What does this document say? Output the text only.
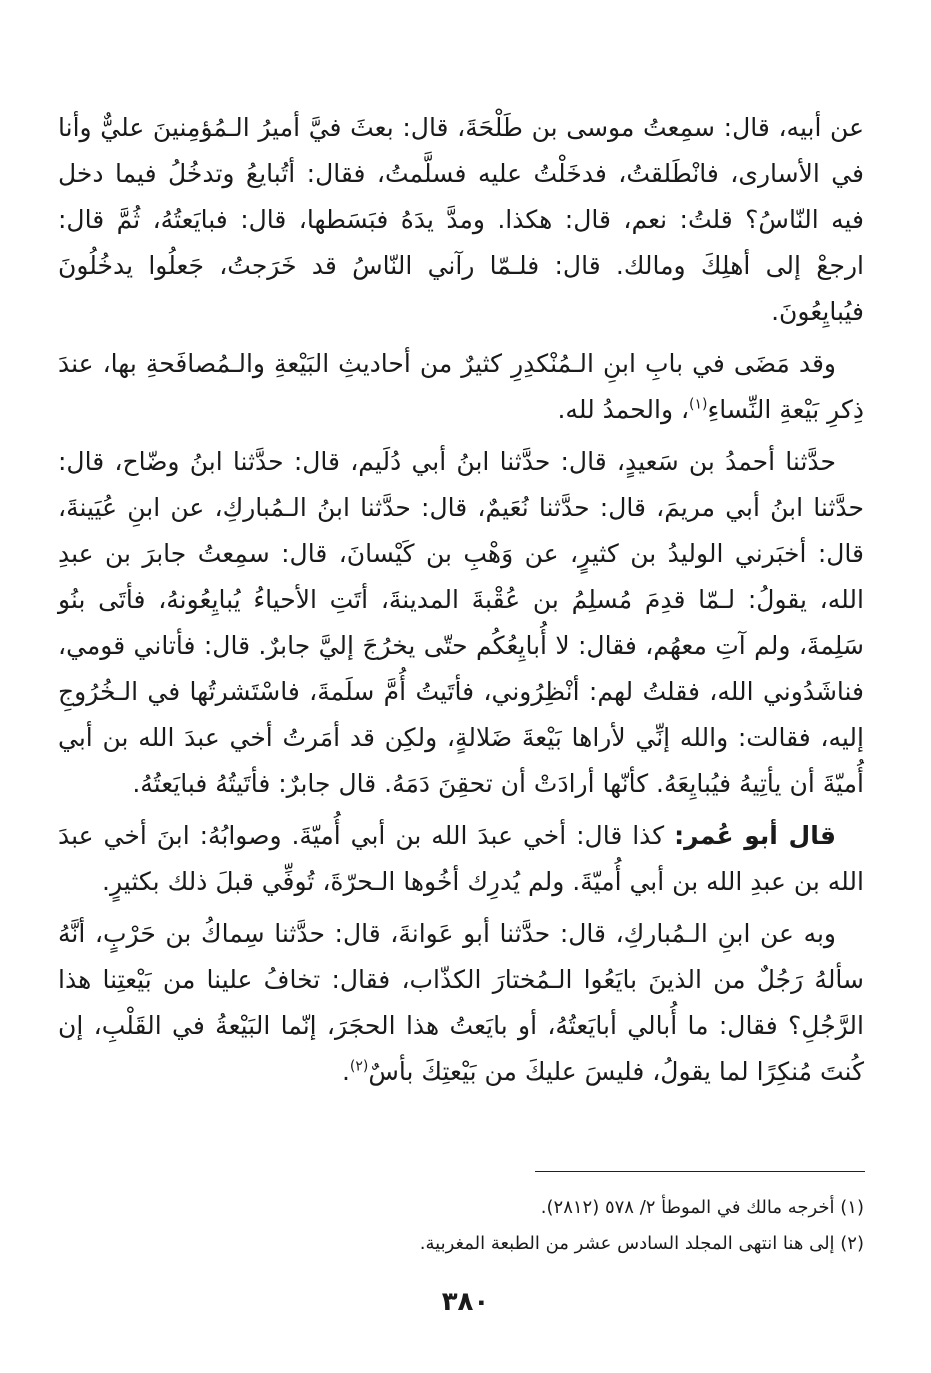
عن أبيه، قال: سمِعتُ موسى بن طَلْحَةَ، قال: بعثَ فيَّ أميرُ الـمُؤمِنينَ عليٌّ وأنا في الأسارى، فانْطَلقتُ، فدخَلْتُ عليه فسلَّمتُ، فقال: أتُبايعُ وتدخُلُ فيما دخل فيه النّاسُ؟ قلتُ: نعم، قال: هكذا. ومدَّ يدَهُ فبَسَطها، قال: فبايَعتُهُ، ثُمَّ قال: ارجعْ إلى أهلِكَ ومالك. قال: فلـمّا رآني النّاسُ قد خَرَجتُ، جَعلُوا يدخُلُونَ فيُبايِعُونَ.

وقد مَضَى في بابِ ابنِ الـمُنْكدِرِ كثيرٌ من أحاديثِ البَيْعةِ والـمُصافَحةِ بها، عندَ ذِكرِ بَيْعةِ النِّساءِ$^{(١)}$، والحمدُ لله.

حدَّثنا أحمدُ بن سَعيدٍ، قال: حدَّثنا ابنُ أبي دُلَيم، قال: حدَّثنا ابنُ وضّاح، قال: حدَّثنا ابنُ أبي مريمَ، قال: حدَّثنا نُعَيمٌ، قال: حدَّثنا ابنُ الـمُباركِ، عن ابنِ عُيَينةَ، قال: أخبَرني الوليدُ بن كثيرٍ، عن وَهْبِ بن كَيْسانَ، قال: سمِعتُ جابرَ بن عبدِ الله، يقولُ: لـمّا قدِمَ مُسلِمُ بن عُقْبةَ المدينةَ، أتَتِ الأحياءُ يُبايِعُونهُ، فأتَى بنُو سَلِمةَ، ولم آتِ معهُم، فقال: لا أُبايِعُكُم حتّى يخرُجَ إليَّ جابرٌ. قال: فأتاني قومي، فناشَدُوني الله، فقلتُ لهم: أنْظِرُوني، فأتَيتُ أُمَّ سلَمةَ، فاسْتَشرتُها في الـخُرُوجِ إليه، فقالت: والله إنِّي لأراها بَيْعةَ ضَلالةٍ، ولكِن قد أمَرتُ أخي عبدَ الله بن أبي أُميّةَ أن يأتِيهُ فيُبايِعَهُ. كأنّها أرادَتْ أن تحقِنَ دَمَهُ. قال جابرٌ: فأتَيتُهُ فبايَعتُهُ.

قال أبو عُمر: كذا قال: أخي عبدَ الله بن أبي أُميّةَ. وصوابُهُ: ابنَ أخي عبدَ الله بن عبدِ الله بن أبي أُميّةَ. ولم يُدرِك أخُوها الـحرّةَ، تُوفِّي قبلَ ذلك بكثيرٍ.

وبه عن ابنِ الـمُباركِ، قال: حدَّثنا أبو عَوانةَ، قال: حدَّثنا سِماكُ بن حَرْبٍ، أنَّهُ سألهُ رَجُلٌ من الذينَ بايَعُوا الـمُختارَ الكذّاب، فقال: تخافُ علينا من بَيْعتِنا هذا الرَّجُلِ؟ فقال: ما أُبالي أبايَعتُهُ، أو بايَعتُ هذا الحجَرَ، إنّما البَيْعةُ في القَلْبِ، إن كُنتَ مُنكِرًا لما يقولُ، فليسَ عليكَ من بَيْعتِكَ بأسٌ$^{(٢)}$.

(١) أخرجه مالك في الموطأ ٢/ ٥٧٨ (٢٨١٢).

(٢) إلى هنا انتهى المجلد السادس عشر من الطبعة المغربية.

٣٨٠
